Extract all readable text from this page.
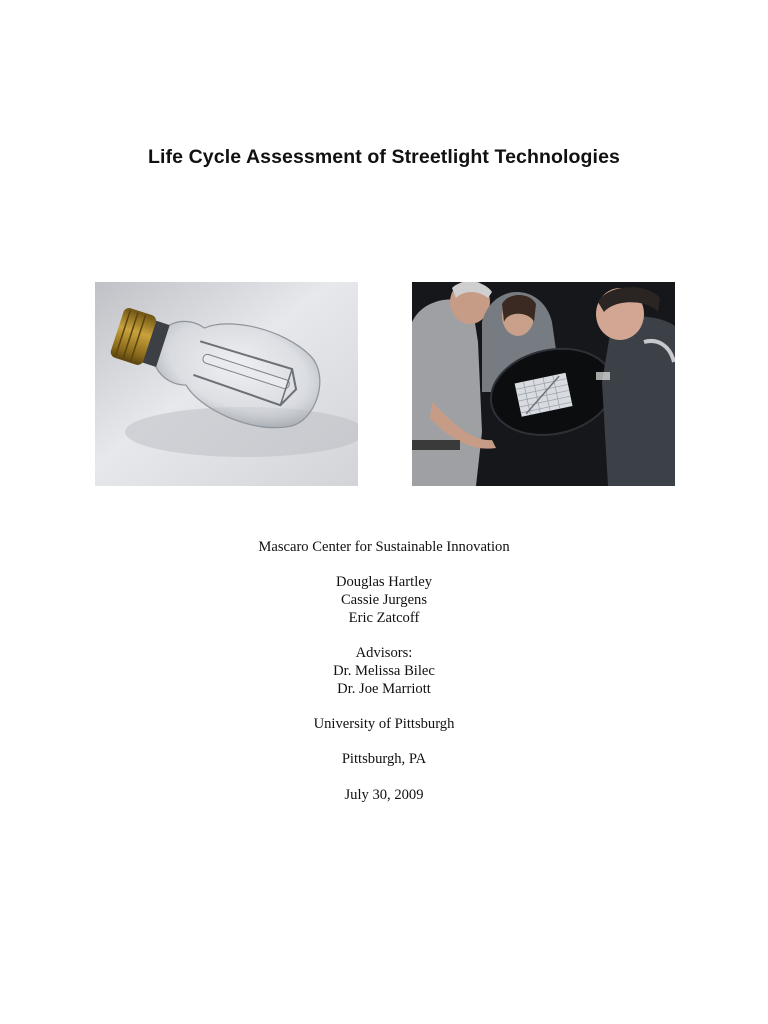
Life Cycle Assessment of Streetlight Technologies
Mascaro Center for Sustainable Innovation
Douglas Hartley
Cassie Jurgens
Eric Zatcoff
Advisors:
Dr. Melissa Bilec
Dr. Joe Marriott
University of Pittsburgh
Pittsburgh, PA
July 30, 2009
